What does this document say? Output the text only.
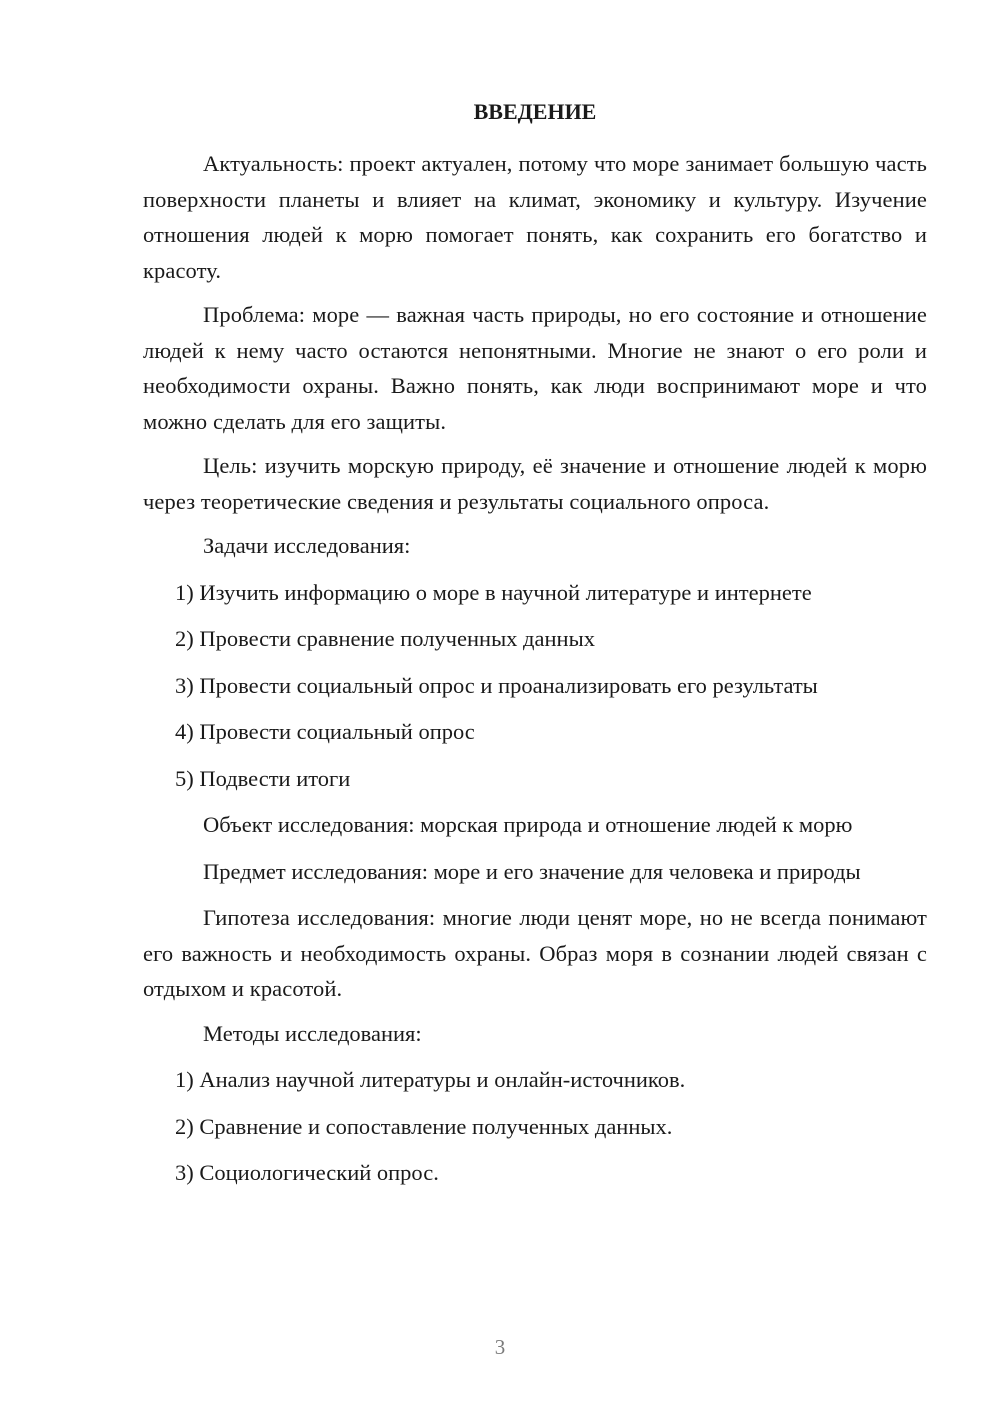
ВВЕДЕНИЕ

Актуальность: проект актуален, потому что море занимает большую часть поверхности планеты и влияет на климат, экономику и культуру. Изучение отношения людей к морю помогает понять, как сохранить его богатство и красоту.

Проблема: море — важная часть природы, но его состояние и отношение людей к нему часто остаются непонятными. Многие не знают о его роли и необходимости охраны. Важно понять, как люди воспринимают море и что можно сделать для его защиты.

Цель: изучить морскую природу, её значение и отношение людей к морю через теоретические сведения и результаты социального опроса.

Задачи исследования:

1) Изучить информацию о море в научной литературе и интернете

2) Провести сравнение полученных данных

3) Провести социальный опрос и проанализировать его результаты

4) Провести социальный опрос

5) Подвести итоги

Объект исследования: морская природа и отношение людей к морю

Предмет исследования: море и его значение для человека и природы

Гипотеза исследования: многие люди ценят море, но не всегда понимают его важность и необходимость охраны. Образ моря в сознании людей связан с отдыхом и красотой.

Методы исследования:

1) Анализ научной литературы и онлайн-источников.

2) Сравнение и сопоставление полученных данных.

3) Социологический опрос.

3
